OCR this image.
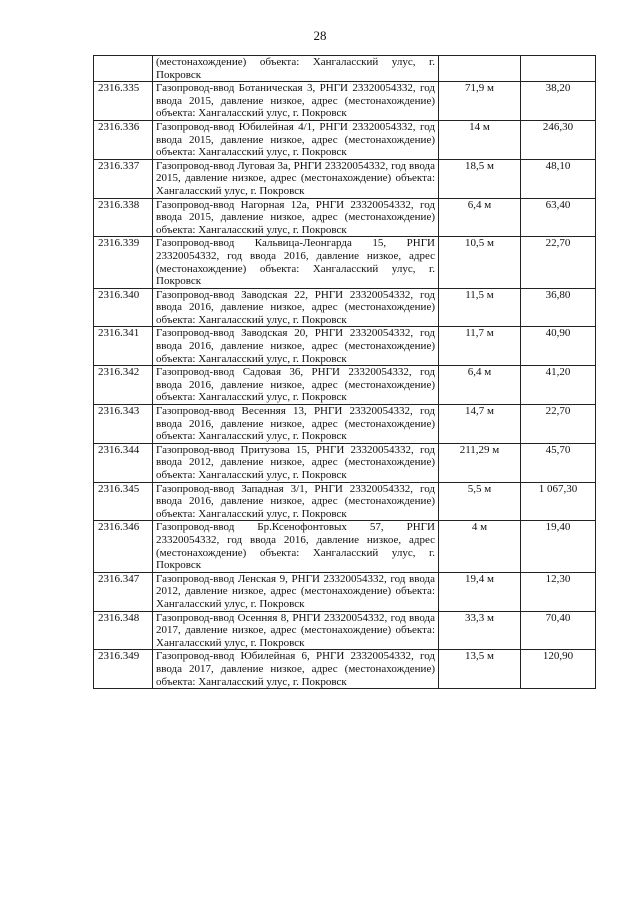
28
	(местонахождение) объекта: Хангаласский улус, г. Покровск		
2316.335	Газопровод-ввод Ботаническая 3, РНГИ 23320054332, год ввода 2015, давление низкое, адрес (местонахождение) объекта: Хангаласский улус, г. Покровск	71,9 м	38,20
2316.336	Газопровод-ввод Юбилейная 4/1, РНГИ 23320054332, год ввода 2015, давление низкое, адрес (местонахождение) объекта: Хангаласский улус, г. Покровск	14 м	246,30
2316.337	Газопровод-ввод Луговая 3а, РНГИ 23320054332, год ввода 2015, давление низкое, адрес (местонахождение) объекта: Хангаласский улус, г. Покровск	18,5 м	48,10
2316.338	Газопровод-ввод Нагорная 12а, РНГИ 23320054332, год ввода 2015, давление низкое, адрес (местонахождение) объекта: Хангаласский улус, г. Покровск	6,4 м	63,40
2316.339	Газопровод-ввод Кальвица-Леонгарда 15, РНГИ 23320054332, год ввода 2016, давление низкое, адрес (местонахождение) объекта: Хангаласский улус, г. Покровск	10,5 м	22,70
2316.340	Газопровод-ввод Заводская 22, РНГИ 23320054332, год ввода 2016, давление низкое, адрес (местонахождение) объекта: Хангаласский улус, г. Покровск	11,5 м	36,80
2316.341	Газопровод-ввод Заводская 20, РНГИ 23320054332, год ввода 2016, давление низкое, адрес (местонахождение) объекта: Хангаласский улус, г. Покровск	11,7 м	40,90
2316.342	Газопровод-ввод Садовая 36, РНГИ 23320054332, год ввода 2016, давление низкое, адрес (местонахождение) объекта: Хангаласский улус, г. Покровск	6,4 м	41,20
2316.343	Газопровод-ввод Весенняя 13, РНГИ 23320054332, год ввода 2016, давление низкое, адрес (местонахождение) объекта: Хангаласский улус, г. Покровск	14,7 м	22,70
2316.344	Газопровод-ввод Притузова 15, РНГИ 23320054332, год ввода 2012, давление низкое, адрес (местонахождение) объекта: Хангаласский улус, г. Покровск	211,29 м	45,70
2316.345	Газопровод-ввод Западная 3/1, РНГИ 23320054332, год ввода 2016, давление низкое, адрес (местонахождение) объекта: Хангаласский улус, г. Покровск	5,5 м	1 067,30
2316.346	Газопровод-ввод Бр.Ксенофонтовых 57, РНГИ 23320054332, год ввода 2016, давление низкое, адрес (местонахождение) объекта: Хангаласский улус, г. Покровск	4 м	19,40
2316.347	Газопровод-ввод Ленская 9, РНГИ 23320054332, год ввода 2012, давление низкое, адрес (местонахождение) объекта: Хангаласский улус, г. Покровск	19,4 м	12,30
2316.348	Газопровод-ввод Осенняя 8, РНГИ 23320054332, год ввода 2017, давление низкое, адрес (местонахождение) объекта: Хангаласский улус, г. Покровск	33,3 м	70,40
2316.349	Газопровод-ввод Юбилейная 6, РНГИ 23320054332, год ввода 2017, давление низкое, адрес (местонахождение) объекта: Хангаласский улус, г. Покровск	13,5 м	120,90
